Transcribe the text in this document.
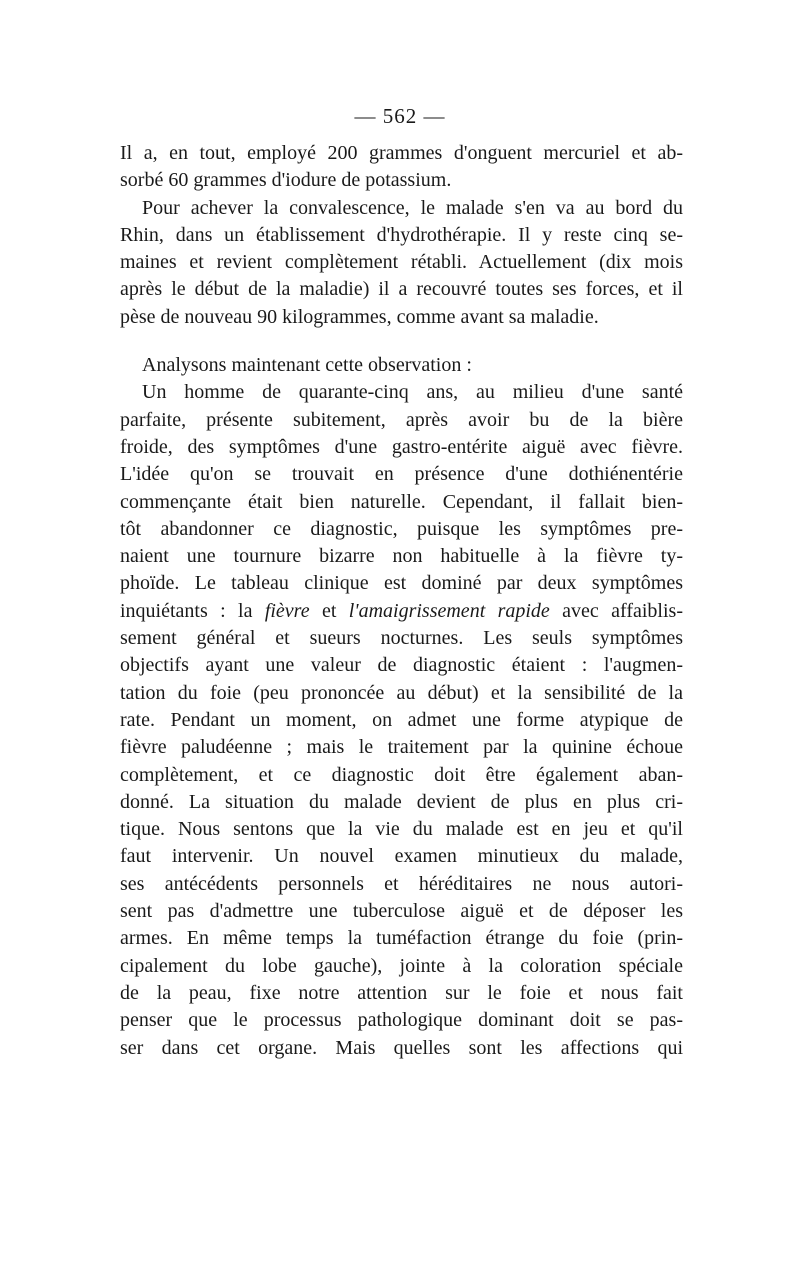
— 562 —
Il a, en tout, employé 200 grammes d'onguent mercuriel et ab-
sorbé 60 grammes d'iodure de potassium.
Pour achever la convalescence, le malade s'en va au bord du
Rhin, dans un établissement d'hydrothérapie. Il y reste cinq se-
maines et revient complètement rétabli. Actuellement (dix mois
après le début de la maladie) il a recouvré toutes ses forces, et il
pèse de nouveau 90 kilogrammes, comme avant sa maladie.
Analysons maintenant cette observation :
Un homme de quarante-cinq ans, au milieu d'une santé
parfaite, présente subitement, après avoir bu de la bière
froide, des symptômes d'une gastro-entérite aiguë avec fièvre.
L'idée qu'on se trouvait en présence d'une dothiénentérie
commençante était bien naturelle. Cependant, il fallait bien-
tôt abandonner ce diagnostic, puisque les symptômes pre-
naient une tournure bizarre non habituelle à la fièvre ty-
phoïde. Le tableau clinique est dominé par deux symptômes
inquiétants : la fièvre et l'amaigrissement rapide avec affaiblis-
sement général et sueurs nocturnes. Les seuls symptômes
objectifs ayant une valeur de diagnostic étaient : l'augmen-
tation du foie (peu prononcée au début) et la sensibilité de la
rate. Pendant un moment, on admet une forme atypique de
fièvre paludéenne ; mais le traitement par la quinine échoue
complètement, et ce diagnostic doit être également aban-
donné. La situation du malade devient de plus en plus cri-
tique. Nous sentons que la vie du malade est en jeu et qu'il
faut intervenir. Un nouvel examen minutieux du malade,
ses antécédents personnels et héréditaires ne nous autori-
sent pas d'admettre une tuberculose aiguë et de déposer les
armes. En même temps la tuméfaction étrange du foie (prin-
cipalement du lobe gauche), jointe à la coloration spéciale
de la peau, fixe notre attention sur le foie et nous fait
penser que le processus pathologique dominant doit se pas-
ser dans cet organe. Mais quelles sont les affections qui
